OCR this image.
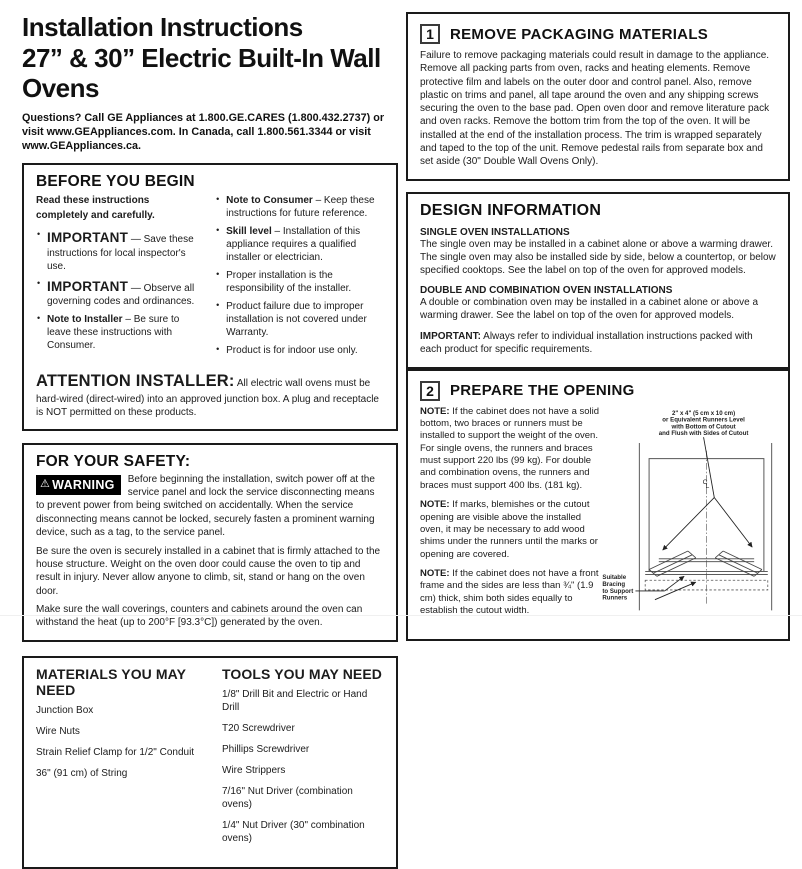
Installation Instructions
27” & 30” Electric Built-In Wall Ovens
Questions? Call GE Appliances at 1.800.GE.CARES (1.800.432.2737) or visit www.GEAppliances.com. In Canada, call 1.800.561.3344 or visit www.GEAppliances.ca.
BEFORE YOU BEGIN
Read these instructions completely and carefully.
• IMPORTANT — Save these instructions for local inspector's use.
• IMPORTANT — Observe all governing codes and ordinances.
• Note to Installer – Be sure to leave these instructions with Consumer.
• Note to Consumer – Keep these instructions for future reference.
• Skill level – Installation of this appliance requires a qualified installer or electrician.
• Proper installation is the responsibility of the installer.
• Product failure due to improper installation is not covered under Warranty.
• Product is for indoor use only.

ATTENTION INSTALLER: All electric wall ovens must be hard-wired (direct-wired) into an approved junction box. A plug and receptacle is NOT permitted on these products.

FOR YOUR SAFETY:

⚠ WARNING Before beginning the installation, switch power off at the service panel and lock the service disconnecting means to prevent power from being switched on accidentally. When the service disconnecting means cannot be locked, securely fasten a prominent warning device, such as a tag, to the service panel.

Be sure the oven is securely installed in a cabinet that is firmly attached to the house structure. Weight on the oven door could cause the oven to tip and result in injury. Never allow anyone to climb, sit, stand or hang on the oven door.

Make sure the wall coverings, counters and cabinets around the oven can withstand the heat (up to 200°F [93.3°C]) generated by the oven.

MATERIALS YOU MAY NEED
Junction Box
Wire Nuts
Strain Relief Clamp for 1/2" Conduit
36" (91 cm) of String
TOOLS YOU MAY NEED
1/8" Drill Bit and Electric or Hand Drill
T20 Screwdriver
Phillips Screwdriver
Wire Strippers
7/16" Nut Driver (combination ovens)
1/4" Nut Driver (30" combination ovens)
1	REMOVE PACKAGING MATERIALS

Failure to remove packaging materials could result in damage to the appliance. Remove all packing parts from oven, racks and heating elements. Remove protective film and labels on the outer door and control panel. Also, remove plastic on trims and panel, all tape around the oven and any shipping screws securing the oven to the base pad. Open oven door and remove literature pack and oven racks. Remove the bottom trim from the top of the oven. It will be installed at the end of the installation process. The trim is wrapped separately and taped to the top of the unit. Remove pedestal rails from separate box and set aside (30" Double Wall Ovens Only).

DESIGN INFORMATION
SINGLE OVEN INSTALLATIONS

The single oven may be installed in a cabinet alone or above a warming drawer. The single oven may also be installed side by side, below a countertop, or below specified cooktops. See the label on top of the oven for approved models.

DOUBLE AND COMBINATION OVEN INSTALLATIONS

A double or combination oven may be installed in a cabinet alone or above a warming drawer. See the label on top of the oven for approved models.

IMPORTANT: Always refer to individual installation instructions packed with each product for specific requirements.

2	PREPARE THE OPENING

NOTE: If the cabinet does not have a solid bottom, two braces or runners must be installed to support the weight of the oven. For single ovens, the runners and braces must support 220 lbs (99 kg). For double and combination ovens, the runners and braces must support 400 lbs. (181 kg).

NOTE: If marks, blemishes or the cutout opening are visible above the installed oven, it may be necessary to add wood shims under the runners until the marks or opening are covered.

NOTE: If the cabinet does not have a front frame and the sides are less than ¾" (1.9 cm) thick, shim both sides equally to establish the cutout width.

2" x 4" (5 cm x 10 cm)
or Equivalent Runners Level
with Bottom of Cutout
and Flush with Sides of Cutout
C
L
Suitable
Bracing
to Support
Runners
